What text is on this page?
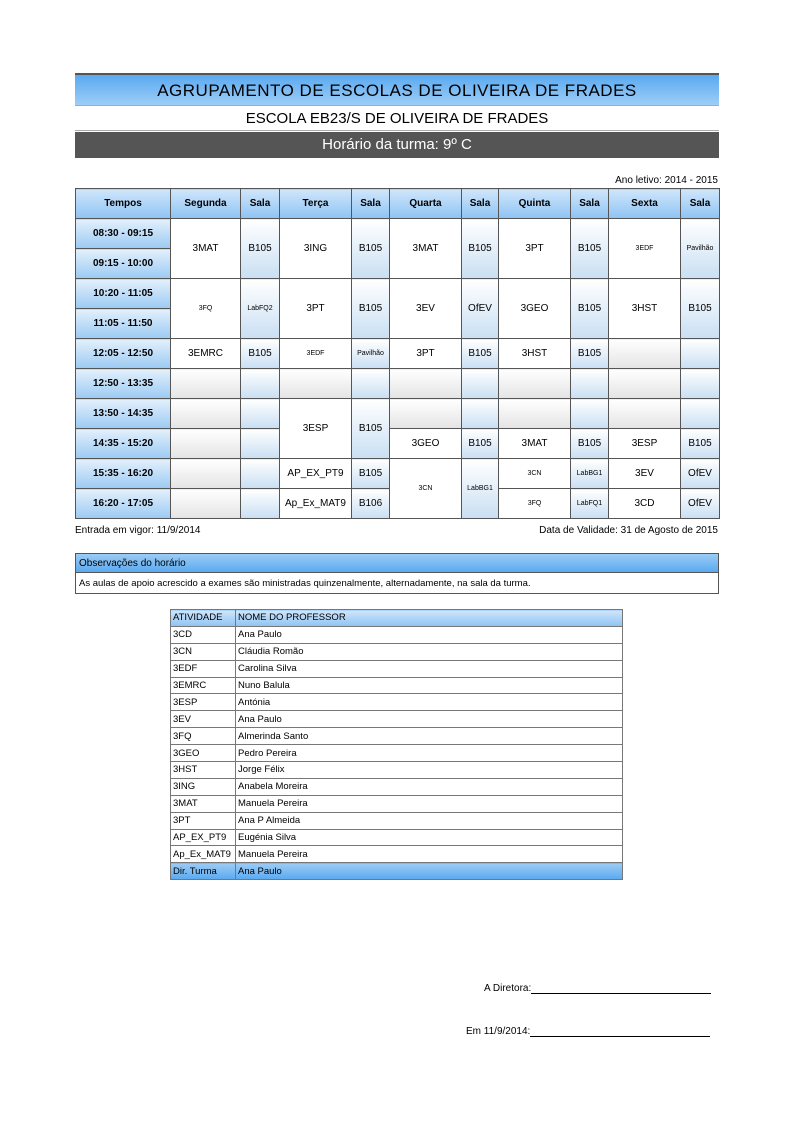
AGRUPAMENTO DE ESCOLAS DE OLIVEIRA DE FRADES
ESCOLA EB23/S DE OLIVEIRA DE FRADES
Horário da turma: 9º C
Ano letivo: 2014 - 2015
Tempos	Segunda	Sala	Terça	Sala	Quarta	Sala	Quinta	Sala	Sexta	Sala
08:30 - 09:15	3MAT	B105	3ING	B105	3MAT	B105	3PT	B105	3EDF	Pavilhão
09:15 - 10:00										
10:20 - 11:05	3FQ	LabFQ2	3PT	B105	3EV	OfEV	3GEO	B105	3HST	B105
11:05 - 11:50										
12:05 - 12:50	3EMRC	B105	3EDF	Pavilhão	3PT	B105	3HST	B105		
12:50 - 13:35										
13:50 - 14:35			3ESP	B105						
14:35 - 15:20					3GEO	B105	3MAT	B105	3ESP	B105
15:35 - 16:20			AP_EX_PT9	B105	3CN	LabBG1	3CN	LabBG1	3EV	OfEV
16:20 - 17:05			Ap_Ex_MAT9	B106			3FQ	LabFQ1	3CD	OfEV
Entrada em vigor: 11/9/2014	Data de Validade: 31 de Agosto de 2015
Observações do horário
As aulas de apoio acrescido a exames são ministradas quinzenalmente, alternadamente, na sala da turma.
ATIVIDADE	NOME DO PROFESSOR
3CD	Ana Paulo
3CN	Cláudia Romão
3EDF	Carolina Silva
3EMRC	Nuno Balula
3ESP	Antónia
3EV	Ana Paulo
3FQ	Almerinda Santo
3GEO	Pedro Pereira
3HST	Jorge Félix
3ING	Anabela Moreira
3MAT	Manuela Pereira
3PT	Ana P Almeida
AP_EX_PT9	Eugénia Silva
Ap_Ex_MAT9	Manuela Pereira
Dir. Turma	Ana Paulo
A Diretora:
Em 11/9/2014:
